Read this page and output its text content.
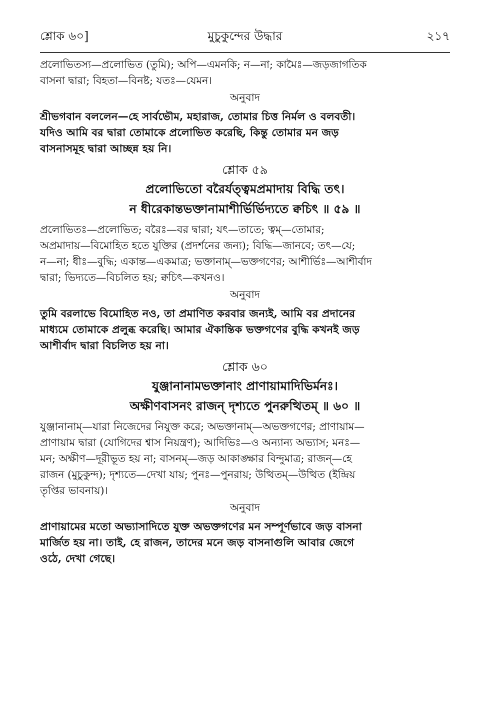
শ্লোক ৬০]	মুচুকুন্দের উদ্ধার	২১৭

প্রলোভিতস্য—প্রলোভিত (তুমি); অপি—এমনকি; ন—না; কামৈঃ—জড়জাগতিক

বাসনা দ্বারা; বিহতা—বিনষ্ট; যতঃ—যেমন।

অনুবাদ

শ্রীভগবান বললেন—হে সার্বভৌম, মহারাজ, তোমার চিত্ত নির্মল ও বলবতী।

যদিও আমি বর দ্বারা তোমাকে প্রলোভিত করেছি, কিন্তু তোমার মন জড়

বাসনাসমূহ দ্বারা আচ্ছন্ন হয় নি।

শ্লোক ৫৯

প্রলোভিতো বরৈর্যত্ত্বমপ্রমাদায় বিদ্ধি তৎ।

ন ধীরেকান্তভক্তানামাশীর্ভির্ভিদ্যতে ক্বচিৎ ॥ ৫৯ ॥

প্রলোভিতঃ—প্রলোভিত; বরৈঃ—বর দ্বারা; যৎ—তাতে; ত্বম্—তোমার;

অপ্রমাদায়—বিমোহিত হতে যুক্তির (প্রদর্শনের জন্য); বিদ্ধি—জানবে; তৎ—যে;

ন—না; ধীঃ—বুদ্ধি; একান্ত—একমাত্র; ভক্তানাম্—ভক্তগণের; আশীর্ভিঃ—আশীর্বাদ

দ্বারা; ভিদ্যতে—বিচলিত হয়; ক্বচিৎ—কখনও।

অনুবাদ

তুমি বরলাভে বিমোহিত নও, তা প্রমাণিত করবার জন্যই, আমি বর প্রদানের

মাধ্যমে তোমাকে প্রলুব্ধ করেছি। আমার ঐকান্তিক ভক্তগণের বুদ্ধি কখনই জড়

আশীর্বাদ দ্বারা বিচলিত হয় না।

শ্লোক ৬০

যুঞ্জানানামভক্তানাং প্রাণায়ামাদিভির্মনঃ।

অক্ষীণবাসনং রাজন্ দৃশ্যতে পুনরুত্থিতম্ ॥ ৬০ ॥

যুঞ্জানানাম্—যারা নিজেদের নিযুক্ত করে; অভক্তানাম্—অভক্তগণের; প্রাণায়াম—

প্রাণায়াম দ্বারা (যোগিদের শ্বাস নিয়ন্ত্রণ); আদিভিঃ—ও অন্যান্য অভ্যাস; মনঃ—

মন; অক্ষীণ—দূরীভূত হয় না; বাসনম্—জড় আকাঙ্ক্ষার বিন্দুমাত্র; রাজন্—হে

রাজন (মুচুকুন্দ); দৃশ্যতে—দেখা যায়; পুনঃ—পুনরায়; উত্থিতম্—উত্থিত (ইন্দ্রিয়

তৃপ্তির ভাবনায়)।

অনুবাদ

প্রাণায়ামের মতো অভ্যাসাদিতে যুক্ত অভক্তগণের মন সম্পূর্ণভাবে জড় বাসনা

মার্জিত হয় না। তাই, হে রাজন, তাদের মনে জড় বাসনাগুলি আবার জেগে

ওঠে, দেখা গেছে।
